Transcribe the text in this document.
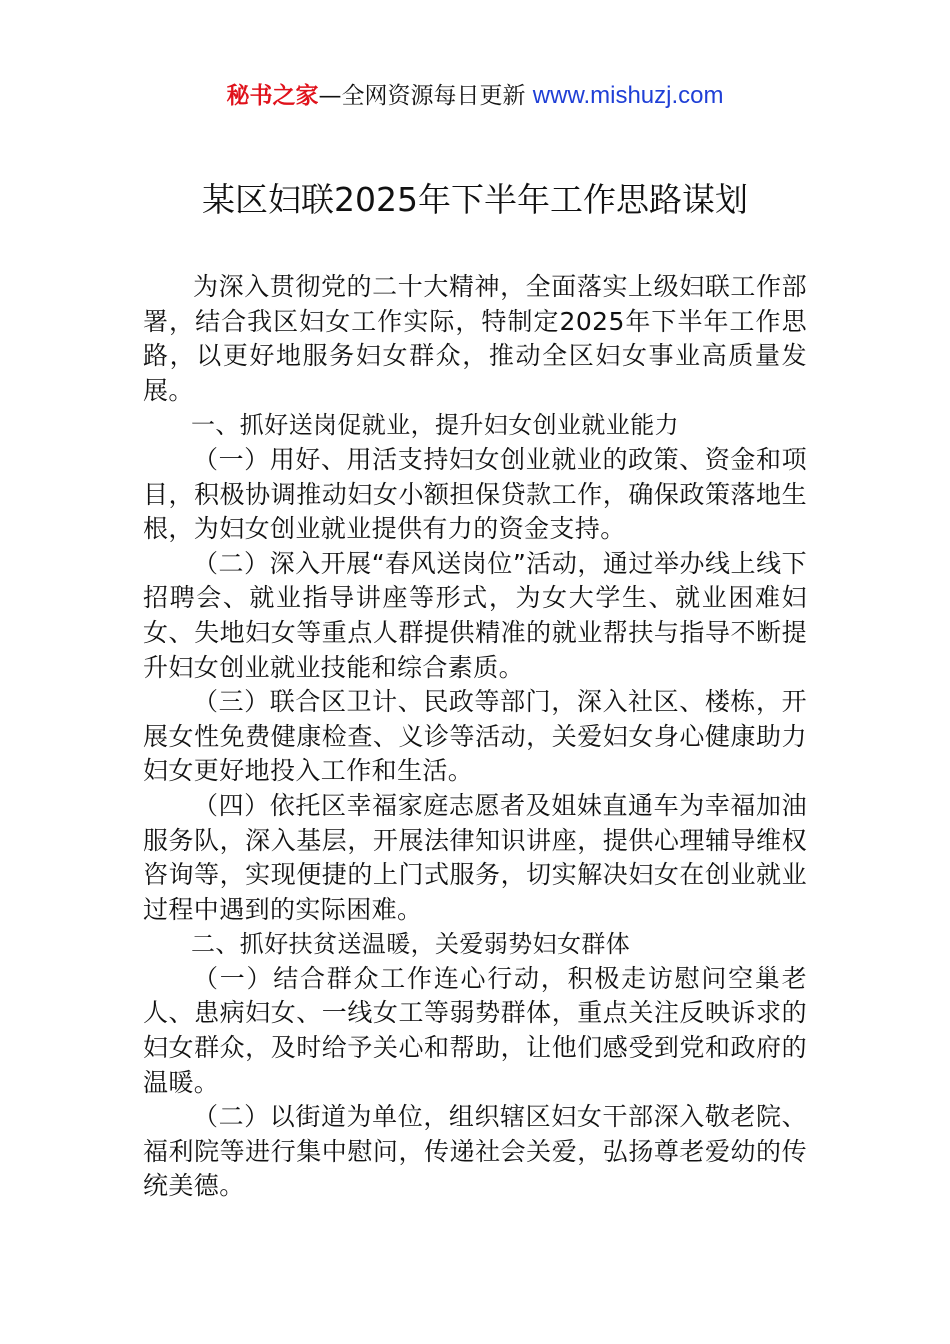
秘书之家—全网资源每日更新 www.mishuzj.com
某区妇联2025年下半年工作思路谋划

为深入贯彻党的二十大精神，全面落实上级妇联工作部署，结合我区妇女工作实际，特制定2025年下半年工作思路，以更好地服务妇女群众，推动全区妇女事业高质量发展。

一、抓好送岗促就业，提升妇女创业就业能力

（一）用好、用活支持妇女创业就业的政策、资金和项目，积极协调推动妇女小额担保贷款工作，确保政策落地生根，为妇女创业就业提供有力的资金支持。

（二）深入开展“春风送岗位”活动，通过举办线上线下招聘会、就业指导讲座等形式，为女大学生、就业困难妇女、失地妇女等重点人群提供精准的就业帮扶与指导不断提升妇女创业就业技能和综合素质。

（三）联合区卫计、民政等部门，深入社区、楼栋，开展女性免费健康检查、义诊等活动，关爱妇女身心健康助力妇女更好地投入工作和生活。

（四）依托区幸福家庭志愿者及姐妹直通车为幸福加油服务队，深入基层，开展法律知识讲座，提供心理辅导维权咨询等，实现便捷的上门式服务，切实解决妇女在创业就业过程中遇到的实际困难。

二、抓好扶贫送温暖，关爱弱势妇女群体

（一）结合群众工作连心行动，积极走访慰问空巢老人、患病妇女、一线女工等弱势群体，重点关注反映诉求的妇女群众，及时给予关心和帮助，让他们感受到党和政府的温暖。

（二）以街道为单位，组织辖区妇女干部深入敬老院、福利院等进行集中慰问，传递社会关爱，弘扬尊老爱幼的传统美德。
